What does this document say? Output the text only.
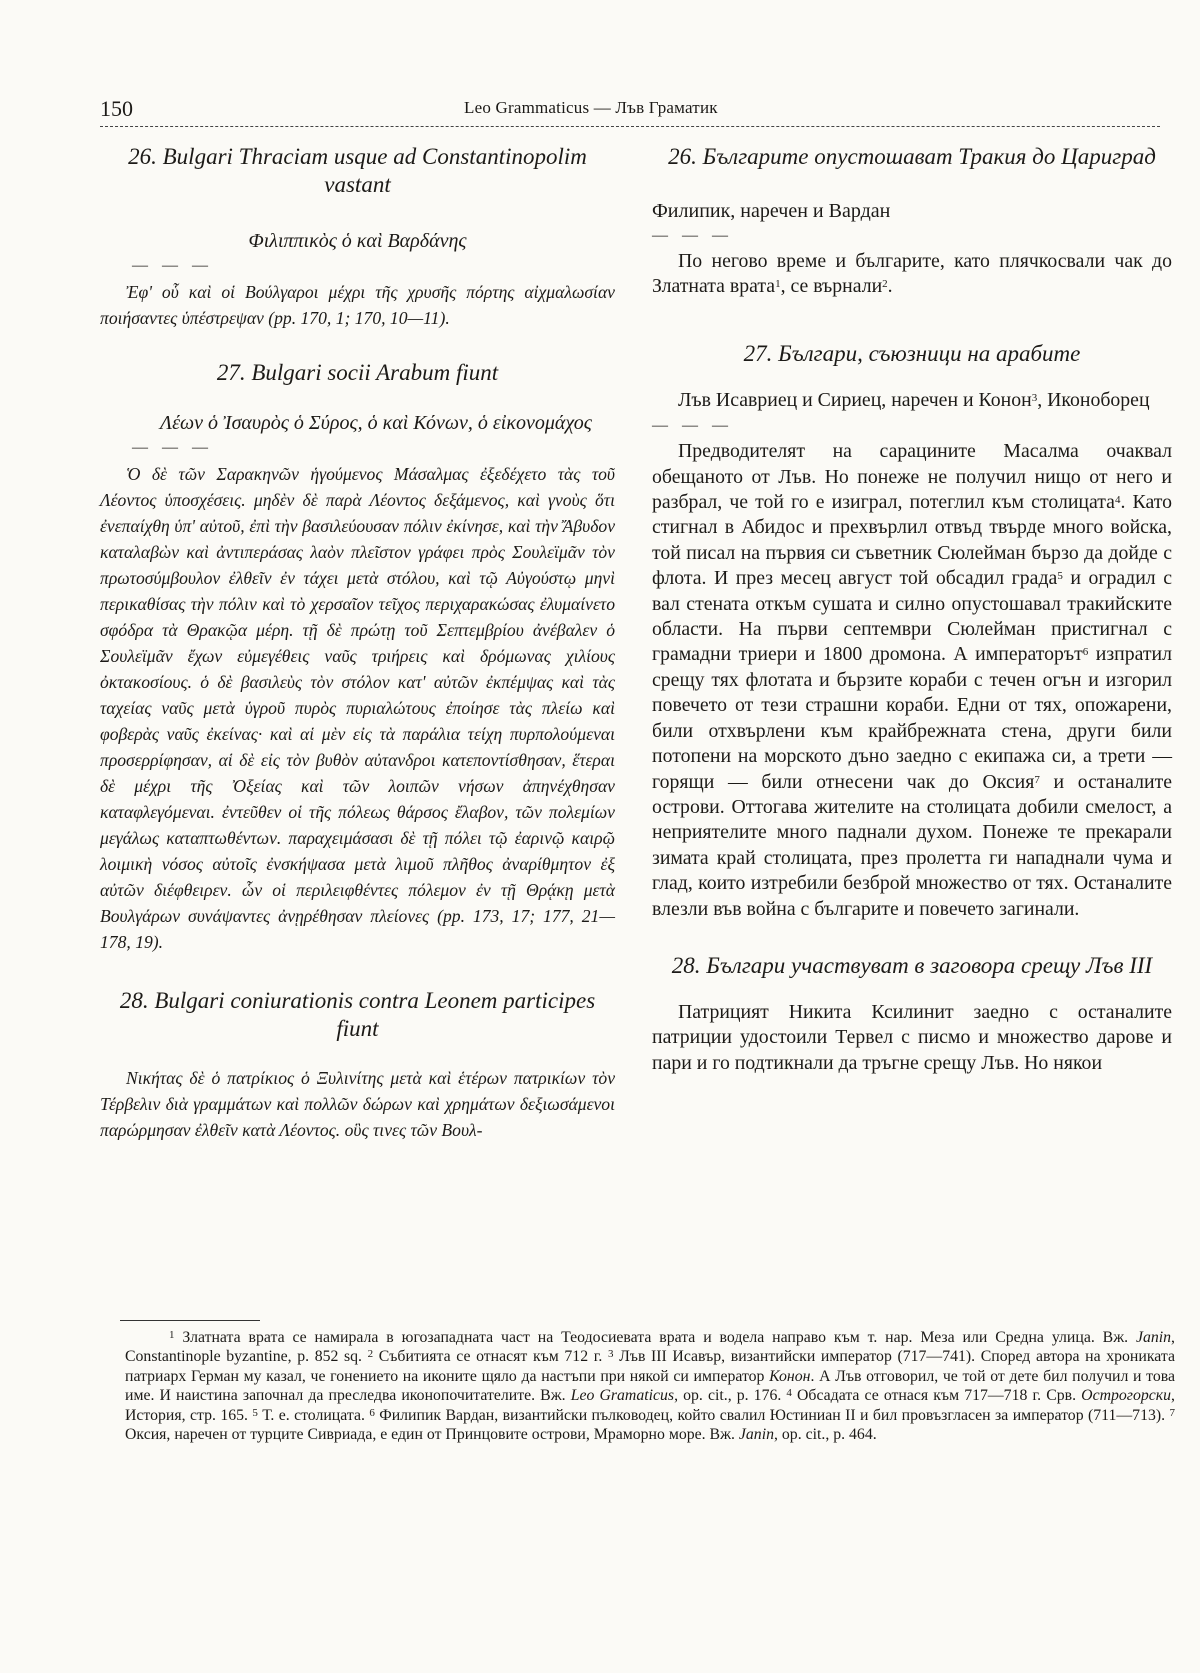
150	Leo Grammaticus — Лъв Граматик
26. Bulgari Thraciam usque ad Constantinopolim vastant

Φιλιππικὸς ὁ καὶ Βαρδάνης

— — —

Ἐφ' οὗ καὶ οἱ Βούλγαροι μέχρι τῆς χρυσῆς πόρτης αἰχμαλωσίαν ποιήσαντες ὑπέστρεψαν (pp. 170, 1; 170, 10—11).

27. Bulgari socii Arabum fiunt

Λέων ὁ Ἰσαυρὸς ὁ Σύρος, ὁ καὶ Κόνων, ὁ εἰκονομάχος

— — —

Ὁ δὲ τῶν Σαρακηνῶν ἡγούμενος Μάσαλμας ἐξεδέχετο τὰς τοῦ Λέοντος ὑποσχέσεις. μηδὲν δὲ παρὰ Λέοντος δεξάμενος, καὶ γνοὺς ὅτι ἐνεπαίχθη ὑπ' αὐτοῦ, ἐπὶ τὴν βασιλεύουσαν πόλιν ἐκίνησε, καὶ τὴν Ἄβυδον καταλαβὼν καὶ ἀντιπεράσας λαὸν πλεῖστον γράφει πρὸς Σουλεϊμᾶν τὸν πρωτοσύμβουλον ἐλθεῖν ἐν τάχει μετὰ στόλου, καὶ τῷ Αὐγούστῳ μηνὶ περικαθίσας τὴν πόλιν καὶ τὸ χερσαῖον τεῖχος περιχαρακώσας ἐλυμαίνετο σφόδρα τὰ Θρακῷα μέρη. τῇ δὲ πρώτῃ τοῦ Σεπτεμβρίου ἀνέβαλεν ὁ Σουλεϊμᾶν ἔχων εὐμεγέθεις ναῦς τριήρεις καὶ δρόμωνας χιλίους ὀκτακοσίους. ὁ δὲ βασιλεὺς τὸν στόλον κατ' αὐτῶν ἐκπέμψας καὶ τὰς ταχείας ναῦς μετὰ ὑγροῦ πυρὸς πυριαλώτους ἐποίησε τὰς πλείω καὶ φοβερὰς ναῦς ἐκείνας· καὶ αἱ μὲν εἰς τὰ παράλια τείχη πυρπολούμεναι προσερρίφησαν, αἱ δὲ εἰς τὸν βυθὸν αὐτανδροι κατεποντίσθησαν, ἕτεραι δὲ μέχρι τῆς Ὀξείας καὶ τῶν λοιπῶν νήσων ἀπηνέχθησαν καταφλεγόμεναι. ἐντεῦθεν οἱ τῆς πόλεως θάρσος ἔλαβον, τῶν πολεμίων μεγάλως καταπτωθέντων. παραχειμάσασι δὲ τῇ πόλει τῷ ἐαρινῷ καιρῷ λοιμικὴ νόσος αὐτοῖς ἐνσκήψασα μετὰ λιμοῦ πλῆθος ἀναρίθμητον ἐξ αὐτῶν διέφθειρεν. ὧν οἱ περιλειφθέντες πόλεμον ἐν τῇ Θρᾴκῃ μετὰ Βουλγάρων συνάψαντες ἀνῃρέθησαν πλείονες (pp. 173, 17; 177, 21—178, 19).

28. Bulgari coniurationis contra Leonem participes fiunt

Νικήτας δὲ ὁ πατρίκιος ὁ Ξυλινίτης μετὰ καὶ ἑτέρων πατρικίων τὸν Τέρβελιν διὰ γραμμάτων καὶ πολλῶν δώρων καὶ χρημάτων δεξιωσάμενοι παρώρμησαν ἐλθεῖν κατὰ Λέοντος. οὓς τινες τῶν Βουλ-

26. Българите опустошават Тракия до Цариград

Филипик, наречен и Вардан

— — —

По негово време и българите, като плячкосвали чак до Златната врата$^1$, се върнали$^2$.

27. Българи, съюзници на арабите

Лъв Исавриец и Сириец, наречен и Конон$^3$, Иконоборец

— — —

Предводителят на сарацините Масалма очаквал обещаното от Лъв. Но понеже не получил нищо от него и разбрал, че той го е изиграл, потеглил към столицата$^4$. Като стигнал в Абидос и прехвърлил отвъд твърде много войска, той писал на първия си съветник Сюлейман бързо да дойде с флота. И през месец август той обсадил града$^5$ и оградил с вал стената откъм сушата и силно опустошавал тракийските области. На първи септември Сюлейман пристигнал с грамадни триери и 1800 дромона. А императорът$^6$ изпратил срещу тях флотата и бързите кораби с течен огън и изгорил повечето от тези страшни кораби. Едни от тях, опожарени, били отхвърлени към крайбрежната стена, други били потопени на морското дъно заедно с екипажа си, а трети — горящи — били отнесени чак до Оксия$^7$ и останалите острови. Оттогава жителите на столицата добили смелост, а неприятелите много паднали духом. Понеже те прекарали зимата край столицата, през пролетта ги нападнали чума и глад, които изтребили безброй множество от тях. Останалите влезли във война с българите и повечето загинали.

28. Българи участвуват в заговора срещу Лъв III

Патрицият Никита Ксилинит заедно с останалите патриции удостоили Тервел с писмо и множество дарове и пари и го подтикнали да тръгне срещу Лъв. Но някои

$^1$ Златната врата се намирала в югозападната част на Теодосиевата врата и водела направо към т. нар. Меза или Средна улица. Вж. Janin, Constantinople byzantine, p. 852 sq. $^2$ Събитията се отнасят към 712 г. $^3$ Лъв III Исавър, византийски император (717—741). Според автора на хрониката патриарх Герман му казал, че гонението на иконите щяло да настъпи при някой си император Конон. А Лъв отговорил, че той от дете бил получил и това име. И наистина започнал да преследва иконопочитателите. Вж. Leo Gramaticus, op. cit., p. 176. $^4$ Обсадата се отнася към 717—718 г. Срв. Острогорски, История, стр. 165. $^5$ Т. е. столицата. $^6$ Филипик Вардан, византийски пълководец, който свалил Юстиниан II и бил провъзгласен за император (711—713). $^7$ Оксия, наречен от турците Сивриада, е един от Принцовите острови, Мраморно море. Вж. Janin, op. cit., p. 464.
